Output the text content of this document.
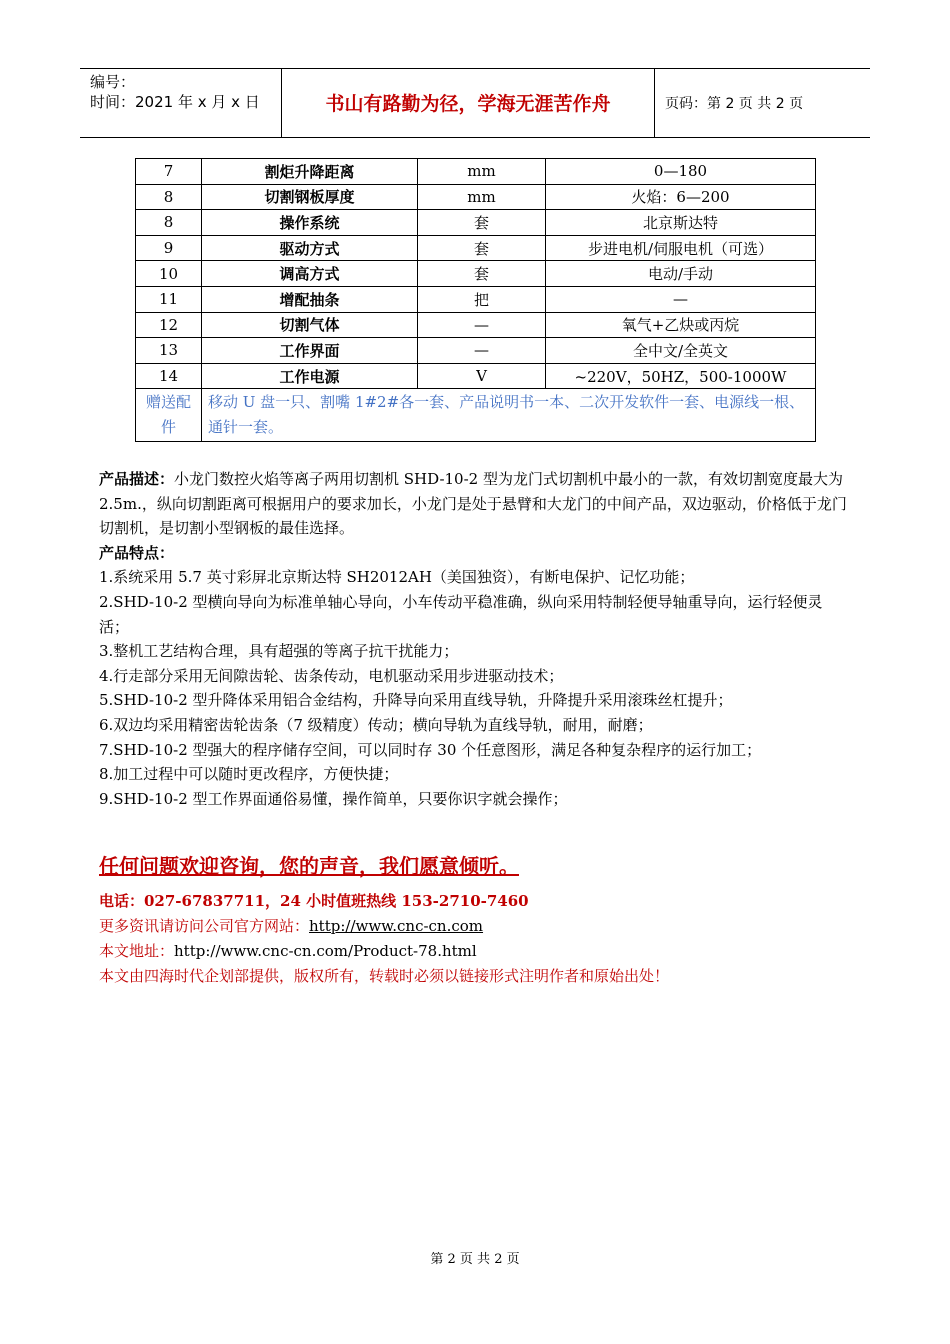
编号：
时间：2021 年 x 月 x 日	书山有路勤为径，学海无涯苦作舟	页码：第 2 页 共 2 页
7	割炬升降距离	mm	0—180
8	切割钢板厚度	mm	火焰：6—200
8	操作系统	套	北京斯达特
9	驱动方式	套	步进电机/伺服电机（可选）
10	调高方式	套	电动/手动
11	增配抽条	把	—
12	切割气体	—	氧气+乙炔或丙烷
13	工作界面	—	全中文/全英文
14	工作电源	V	~220V，50HZ，500-1000W
赠送配件	移动 U 盘一只、割嘴 1#2#各一套、产品说明书一本、二次开发软件一套、电源线一根、通针一套。		

产品描述：小龙门数控火焰等离子两用切割机 SHD-10-2 型为龙门式切割机中最小的一款，有效切割宽度最大为 2.5m.，纵向切割距离可根据用户的要求加长，小龙门是处于悬臂和大龙门的中间产品，双边驱动，价格低于龙门切割机，是切割小型钢板的最佳选择。

产品特点：

1.系统采用 5.7 英寸彩屏北京斯达特 SH2012AH（美国独资），有断电保护、记忆功能；

2.SHD-10-2 型横向导向为标准单轴心导向，小车传动平稳准确，纵向采用特制轻便导轴重导向，运行轻便灵活；

3.整机工艺结构合理，具有超强的等离子抗干扰能力；

4.行走部分采用无间隙齿轮、齿条传动，电机驱动采用步进驱动技术；

5.SHD-10-2 型升降体采用铝合金结构，升降导向采用直线导轨，升降提升采用滚珠丝杠提升；

6.双边均采用精密齿轮齿条（7 级精度）传动；横向导轨为直线导轨，耐用，耐磨；

7.SHD-10-2 型强大的程序储存空间，可以同时存 30 个任意图形，满足各种复杂程序的运行加工；

8.加工过程中可以随时更改程序，方便快捷；

9.SHD-10-2 型工作界面通俗易懂，操作简单，只要你识字就会操作；

任何问题欢迎咨询，您的声音，我们愿意倾听。
电话：027-67837711，24 小时值班热线 153-2710-7460
更多资讯请访问公司官方网站：http://www.cnc-cn.com
本文地址：http://www.cnc-cn.com/Product-78.html
本文由四海时代企划部提供，版权所有，转载时必须以链接形式注明作者和原始出处！
第 2 页 共 2 页
